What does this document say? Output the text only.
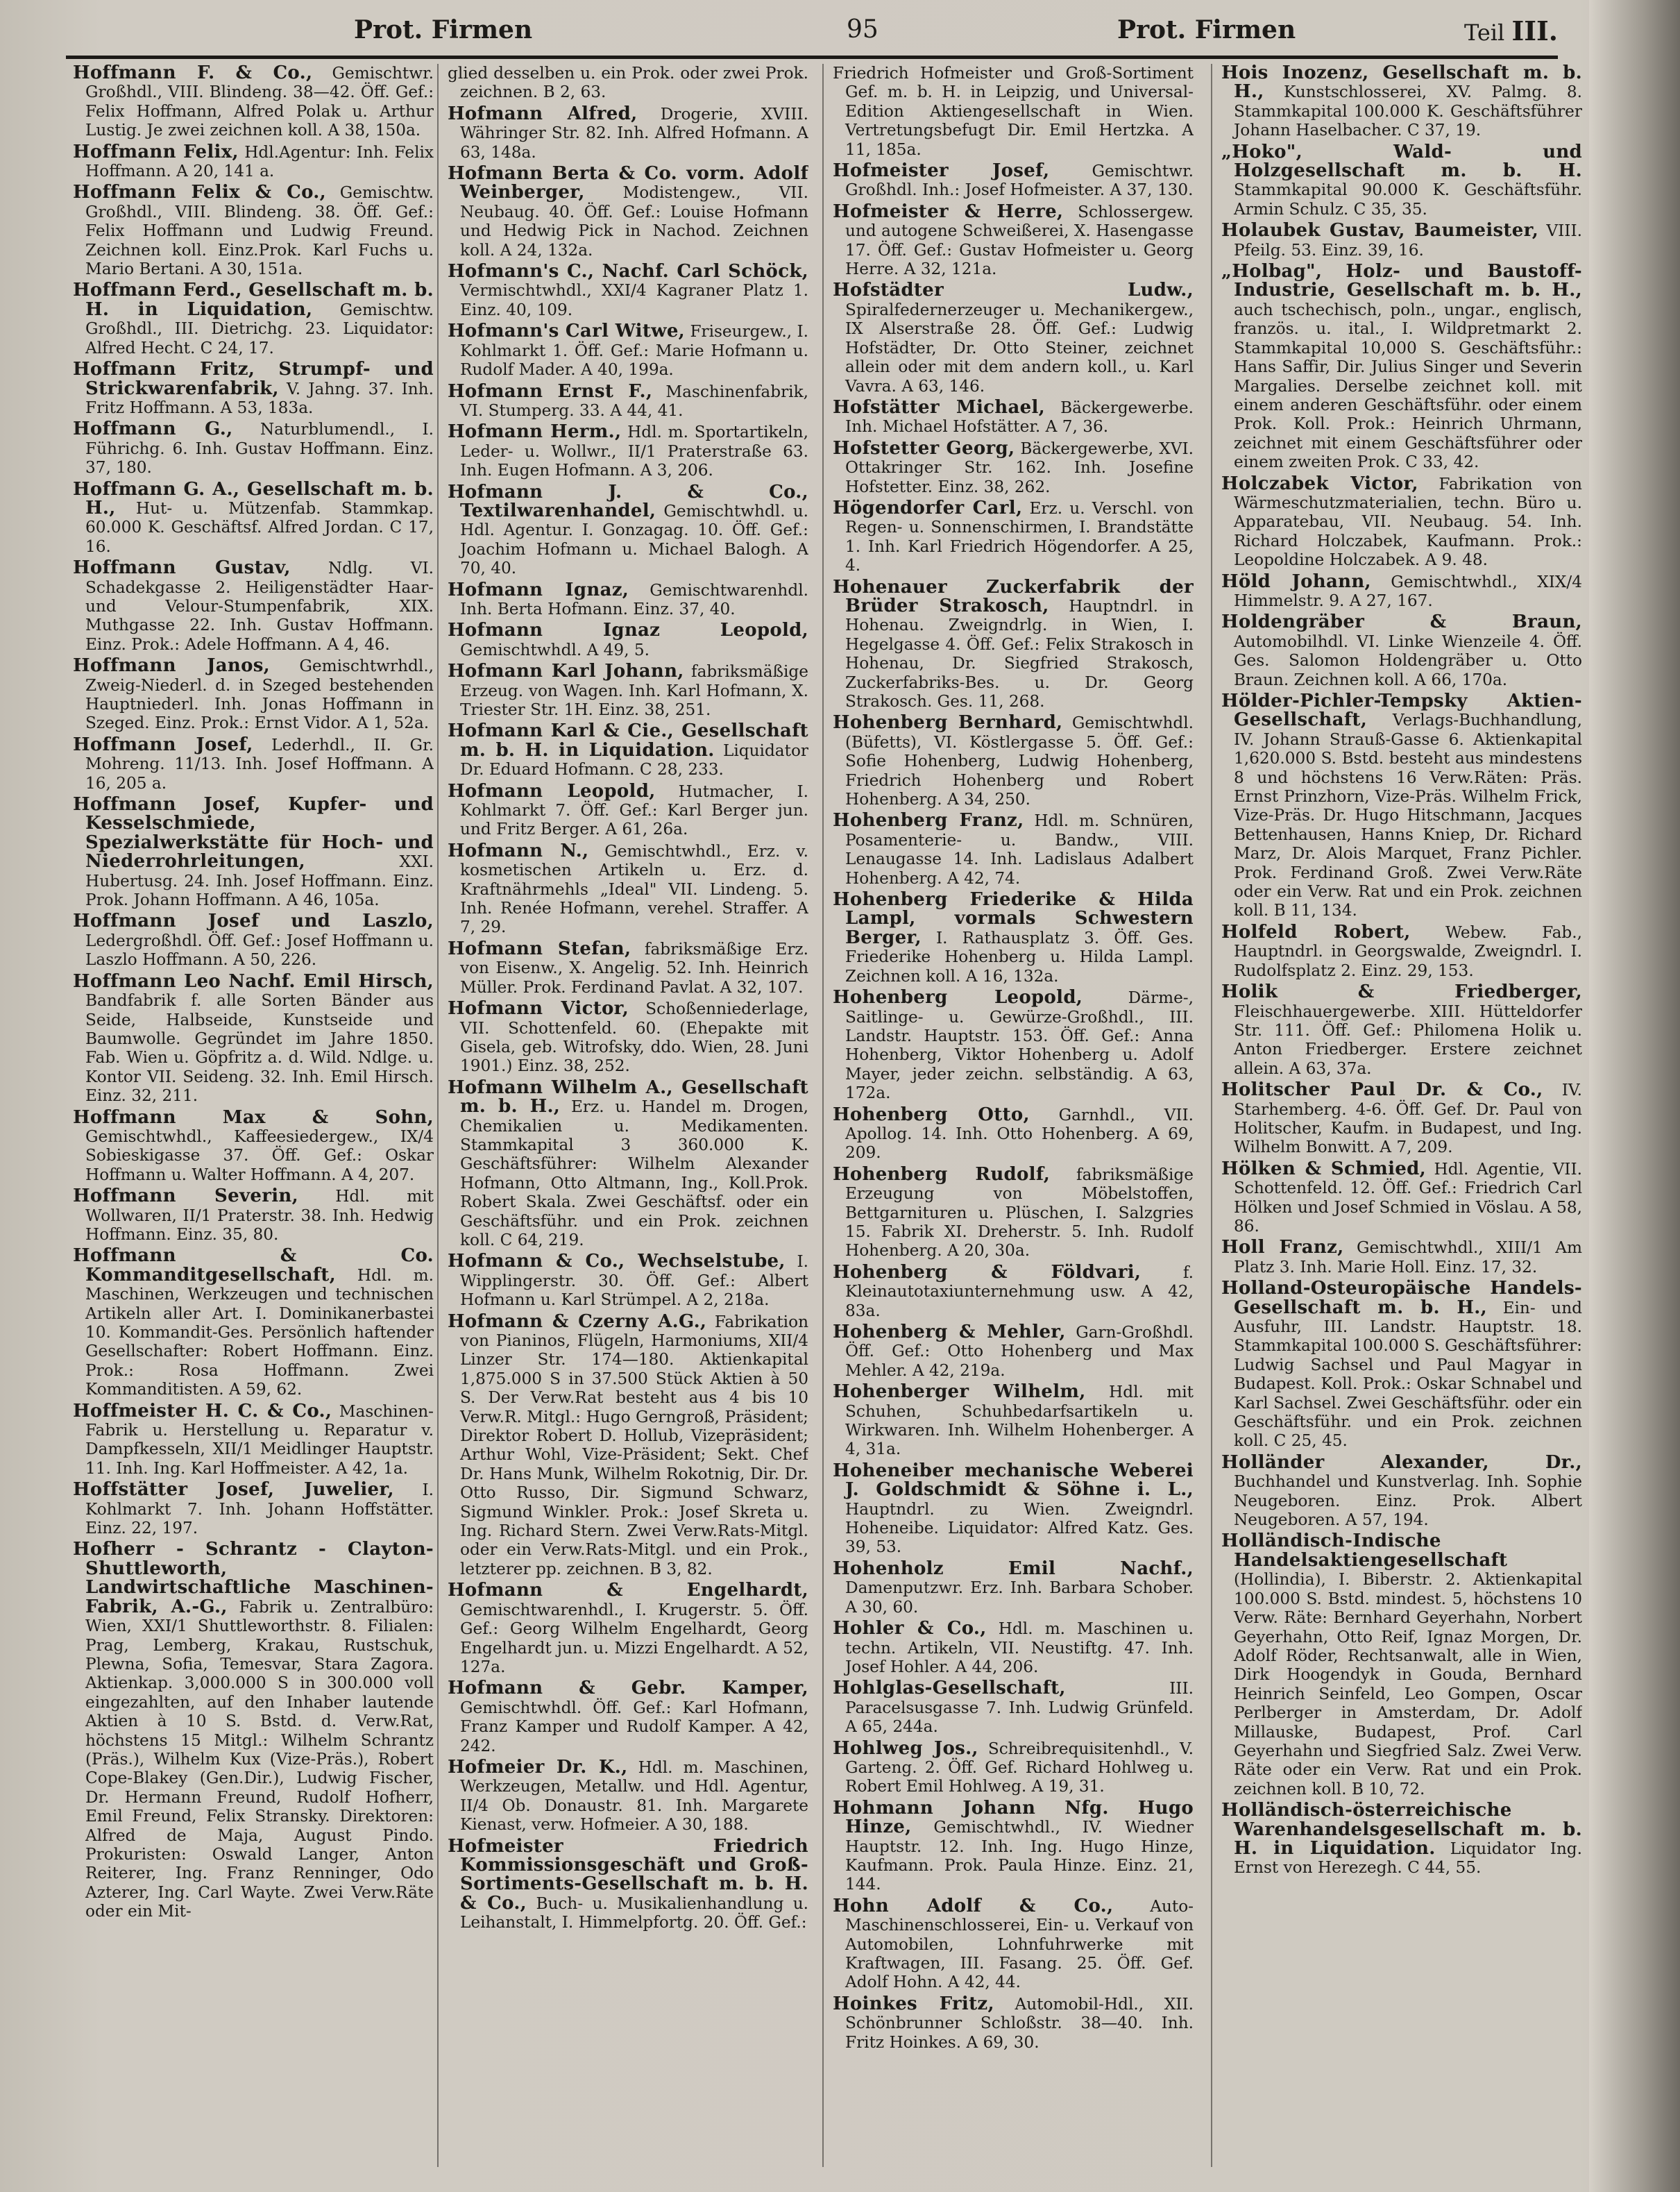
Prot. Firmen	95	Prot. Firmen	Teil III.

Hoffmann F. & Co., Gemischtwr. Großhdl., VIII. Blindeng. 38—42. Öff. Gef.: Felix Hoffmann, Alfred Polak u. Arthur Lustig. Je zwei zeichnen koll. A 38, 150a.

Hoffmann Felix, Hdl.Agentur: Inh. Felix Hoffmann. A 20, 141 a.

Hoffmann Felix & Co., Gemischtw. Großhdl., VIII. Blindeng. 38. Öff. Gef.: Felix Hoffmann und Ludwig Freund. Zeichnen koll. Einz.Prok. Karl Fuchs u. Mario Bertani. A 30, 151a.

Hoffmann Ferd., Gesellschaft m. b. H. in Liquidation, Gemischtw. Großhdl., III. Dietrichg. 23. Liquidator: Alfred Hecht. C 24, 17.

Hoffmann Fritz, Strumpf- und Strickwarenfabrik, V. Jahng. 37. Inh. Fritz Hoffmann. A 53, 183a.

Hoffmann G., Naturblumendl., I. Führichg. 6. Inh. Gustav Hoffmann. Einz. 37, 180.

Hoffmann G. A., Gesellschaft m. b. H., Hut- u. Mützenfab. Stammkap. 60.000 K. Geschäftsf. Alfred Jordan. C 17, 16.

Hoffmann Gustav, Ndlg. VI. Schadekgasse 2. Heiligenstädter Haar- und Velour-Stumpenfabrik, XIX. Muthgasse 22. Inh. Gustav Hoffmann. Einz. Prok.: Adele Hoffmann. A 4, 46.

Hoffmann Janos, Gemischtwrhdl., Zweig-Niederl. d. in Szeged bestehenden Hauptniederl. Inh. Jonas Hoffmann in Szeged. Einz. Prok.: Ernst Vidor. A 1, 52a.

Hoffmann Josef, Lederhdl., II. Gr. Mohreng. 11/13. Inh. Josef Hoffmann. A 16, 205 a.

Hoffmann Josef, Kupfer- und Kesselschmiede, Spezialwerkstätte für Hoch- und Niederrohrleitungen,	XXI. Hubertusg. 24. Inh. Josef Hoffmann. Einz. Prok. Johann Hoffmann. A 46, 105a.

Hoffmann Josef und Laszlo, Ledergroßhdl. Öff. Gef.: Josef Hoffmann u. Laszlo Hoffmann. A 50, 226.

Hoffmann Leo Nachf. Emil Hirsch, Bandfabrik f. alle Sorten Bänder aus Seide, Halbseide, Kunstseide und Baumwolle. Gegründet im Jahre 1850. Fab. Wien u. Göpfritz a. d. Wild. Ndlge. u. Kontor VII. Seideng. 32. Inh. Emil Hirsch. Einz. 32, 211.

Hoffmann Max & Sohn, Gemischtwhdl., Kaffeesiedergew., IX/4 Sobieskigasse 37. Öff. Gef.: Oskar Hoffmann u. Walter Hoffmann. A 4, 207.

Hoffmann Severin, Hdl. mit Wollwaren, II/1 Praterstr. 38. Inh. Hedwig Hoffmann. Einz. 35, 80.

Hoffmann & Co. Kommanditgesellschaft, Hdl. m. Maschinen, Werkzeugen und technischen Artikeln aller Art. I. Dominikanerbastei 10. Kommandit-Ges. Persönlich haftender Gesellschafter: Robert Hoffmann. Einz. Prok.: Rosa Hoffmann. Zwei Kommanditisten. A 59, 62.

Hoffmeister H. C. & Co., Maschinen-Fabrik u. Herstellung u. Reparatur v. Dampfkesseln, XII/1 Meidlinger Hauptstr. 11. Inh. Ing. Karl Hoffmeister. A 42, 1a.

Hoffstätter Josef, Juwelier, I. Kohlmarkt 7. Inh. Johann Hoffstätter. Einz. 22, 197.

Hofherr - Schrantz - Clayton-Shuttleworth, Landwirtschaftliche Maschinen-Fabrik, A.-G., Fabrik u. Zentralbüro: Wien, XXI/1 Shuttleworthstr. 8. Filialen: Prag, Lemberg, Krakau, Rustschuk, Plewna, Sofia, Temesvar, Stara Zagora. Aktienkap. 3,000.000 S in 300.000 voll eingezahlten, auf den Inhaber lautende Aktien à 10 S. Bstd. d. Verw.Rat, höchstens 15 Mitgl.: Wilhelm Schrantz (Präs.), Wilhelm Kux (Vize-Präs.), Robert Cope-Blakey (Gen.Dir.), Ludwig Fischer, Dr. Hermann Freund, Rudolf Hofherr, Emil Freund, Felix Stransky. Direktoren: Alfred de Maja, August Pindo. Prokuristen: Oswald Langer, Anton Reiterer, Ing. Franz Renninger, Odo Azterer, Ing. Carl Wayte. Zwei Verw.Räte oder ein Mit-

glied desselben u. ein Prok. oder zwei Prok. zeichnen. B 2, 63.

Hofmann Alfred, Drogerie, XVIII. Währinger Str. 82. Inh. Alfred Hofmann. A 63, 148a.

Hofmann Berta & Co. vorm. Adolf Weinberger, Modistengew., VII. Neubaug. 40. Öff. Gef.: Louise Hofmann und Hedwig Pick in Nachod. Zeichnen koll. A 24, 132a.

Hofmann's C., Nachf. Carl Schöck, Vermischtwhdl., XXI/4 Kagraner Platz 1. Einz. 40, 109.

Hofmann's Carl Witwe, Friseurgew., I. Kohlmarkt 1. Öff. Gef.: Marie Hofmann u. Rudolf Mader. A 40, 199a.

Hofmann Ernst F., Maschinenfabrik, VI. Stumperg. 33. A 44, 41.

Hofmann Herm., Hdl. m. Sportartikeln, Leder- u. Wollwr., II/1 Praterstraße 63. Inh. Eugen Hofmann. A 3, 206.

Hofmann J. & Co., Textilwarenhandel, Gemischtwhdl. u. Hdl. Agentur. I. Gonzagag. 10. Öff. Gef.: Joachim Hofmann u. Michael Balogh. A 70, 40.

Hofmann Ignaz, Gemischtwarenhdl. Inh. Berta Hofmann. Einz. 37, 40.

Hofmann Ignaz Leopold, Gemischtwhdl. A 49, 5.

Hofmann Karl Johann, fabriksmäßige Erzeug. von Wagen. Inh. Karl Hofmann, X. Triester Str. 1H. Einz. 38, 251.

Hofmann Karl & Cie., Gesellschaft m. b. H. in Liquidation. Liquidator Dr. Eduard Hofmann. C 28, 233.

Hofmann Leopold, Hutmacher, I. Kohlmarkt 7. Öff. Gef.: Karl Berger jun. und Fritz Berger. A 61, 26a.

Hofmann N., Gemischtwhdl., Erz. v. kosmetischen Artikeln u. Erz. d. Kraftnährmehls „Ideal" VII. Lindeng. 5. Inh. Renée Hofmann, verehel. Straffer. A 7, 29.

Hofmann Stefan, fabriksmäßige Erz. von Eisenw., X. Angelig. 52. Inh. Heinrich Müller. Prok. Ferdinand Pavlat. A 32, 107.

Hofmann Victor, Schoßenniederlage, VII. Schottenfeld. 60. (Ehepakte mit Gisela, geb. Witrofsky, ddo. Wien, 28. Juni 1901.) Einz. 38, 252.

Hofmann Wilhelm A., Gesellschaft m. b. H., Erz. u. Handel m. Drogen, Chemikalien u. Medikamenten. Stammkapital 3 360.000 K. Geschäftsführer: Wilhelm Alexander Hofmann, Otto Altmann, Ing., Koll.Prok. Robert Skala. Zwei Geschäftsf. oder ein Geschäftsführ. und ein Prok. zeichnen koll. C 64, 219.

Hofmann & Co., Wechselstube, I. Wipplingerstr. 30. Öff. Gef.: Albert Hofmann u. Karl Strümpel. A 2, 218a.

Hofmann & Czerny A.G., Fabrikation von Pianinos, Flügeln, Harmoniums, XII/4 Linzer Str. 174—180. Aktienkapital 1,875.000 S in 37.500 Stück Aktien à 50 S. Der Verw.Rat besteht aus 4 bis 10 Verw.R. Mitgl.: Hugo Gerngroß, Präsident; Direktor Robert D. Hollub, Vizepräsident; Arthur Wohl, Vize-Präsident; Sekt. Chef Dr. Hans Munk, Wilhelm Rokotnig, Dir. Dr. Otto Russo, Dir. Sigmund Schwarz, Sigmund Winkler. Prok.: Josef Skreta u. Ing. Richard Stern. Zwei Verw.Rats-Mitgl. oder ein Verw.Rats-Mitgl. und ein Prok., letzterer pp. zeichnen. B 3, 82.

Hofmann & Engelhardt, Gemischtwarenhdl., I. Krugerstr. 5. Öff. Gef.: Georg Wilhelm Engelhardt, Georg Engelhardt jun. u. Mizzi Engelhardt. A 52, 127a.

Hofmann & Gebr. Kamper, Gemischtwhdl. Öff. Gef.: Karl Hofmann, Franz Kamper und Rudolf Kamper. A 42, 242.

Hofmeier Dr. K., Hdl. m. Maschinen, Werkzeugen, Metallw. und Hdl. Agentur, II/4 Ob. Donaustr. 81. Inh. Margarete Kienast, verw. Hofmeier. A 30, 188.

Hofmeister Friedrich Kommissionsgeschäft und Groß-Sortiments-Gesellschaft m. b. H. & Co., Buch- u. Musikalienhandlung u. Leihanstalt, I. Himmelpfortg. 20. Öff. Gef.:

Friedrich Hofmeister und Groß-Sortiment Gef. m. b. H. in Leipzig, und Universal-Edition Aktiengesellschaft in Wien. Vertretungsbefugt Dir. Emil Hertzka. A 11, 185a.

Hofmeister Josef,	Gemischtwr. Großhdl. Inh.: Josef Hofmeister. A 37, 130.

Hofmeister & Herre, Schlossergew. und autogene Schweißerei, X. Hasengasse 17. Öff. Gef.: Gustav Hofmeister u. Georg Herre. A 32, 121a.

Hofstädter Ludw., Spiralfedernerzeuger u. Mechanikergew., IX Alserstraße 28. Öff. Gef.: Ludwig Hofstädter, Dr. Otto Steiner, zeichnet allein oder mit dem andern koll., u. Karl Vavra. A 63, 146.

Hofstätter Michael, Bäckergewerbe. Inh. Michael Hofstätter. A 7, 36.

Hofstetter Georg, Bäckergewerbe, XVI. Ottakringer Str. 162. Inh. Josefine Hofstetter. Einz. 38, 262.

Högendorfer Carl, Erz. u. Verschl. von Regen- u. Sonnenschirmen, I. Brandstätte 1. Inh. Karl Friedrich Högendorfer. A 25, 4.

Hohenauer Zuckerfabrik der Brüder Strakosch, Hauptndrl. in Hohenau. Zweigndrlg. in Wien, I. Hegelgasse 4. Öff. Gef.: Felix Strakosch in Hohenau, Dr. Siegfried Strakosch, Zuckerfabriks-Bes. u. Dr. Georg Strakosch. Ges. 11, 268.

Hohenberg Bernhard, Gemischtwhdl. (Büfetts), VI. Köstlergasse 5. Öff. Gef.: Sofie Hohenberg, Ludwig Hohenberg, Friedrich Hohenberg und Robert Hohenberg. A 34, 250.

Hohenberg Franz, Hdl. m. Schnüren, Posamenterie- u. Bandw., VIII. Lenaugasse 14. Inh. Ladislaus Adalbert Hohenberg. A 42, 74.

Hohenberg Friederike & Hilda Lampl, vormals Schwestern Berger, I. Rathausplatz 3. Öff. Ges. Friederike Hohenberg u. Hilda Lampl. Zeichnen koll. A 16, 132a.

Hohenberg Leopold,	Därme-, Saitlinge- u. Gewürze-Großhdl., III. Landstr. Hauptstr. 153. Öff. Gef.: Anna Hohenberg, Viktor Hohenberg u. Adolf Mayer, jeder zeichn. selbständig. A 63, 172a.

Hohenberg Otto, Garnhdl., VII. Apollog. 14. Inh. Otto Hohenberg. A 69, 209.

Hohenberg Rudolf, fabriksmäßige Erzeugung von Möbelstoffen, Bettgarnituren u. Plüschen, I. Salzgries 15. Fabrik XI. Dreherstr. 5. Inh. Rudolf Hohenberg. A 20, 30a.

Hohenberg & Földvari,	f. Kleinautotaxiunternehmung usw. A 42, 83a.

Hohenberg & Mehler, Garn-Großhdl. Öff. Gef.: Otto Hohenberg und Max Mehler. A 42, 219a.

Hohenberger Wilhelm, Hdl. mit Schuhen, Schuhbedarfsartikeln u. Wirkwaren. Inh. Wilhelm Hohenberger. A 4, 31a.

Hoheneiber mechanische Weberei J. Goldschmidt & Söhne i. L., Hauptndrl. zu Wien. Zweigndrl. Hoheneibe. Liquidator: Alfred Katz. Ges. 39, 53.

Hohenholz Emil Nachf., Damenputzwr. Erz. Inh. Barbara Schober. A 30, 60.

Hohler & Co., Hdl. m. Maschinen u. techn. Artikeln, VII. Neustiftg. 47. Inh. Josef Hohler. A 44, 206.

Hohlglas-Gesellschaft,	III. Paracelsusgasse 7. Inh. Ludwig Grünfeld. A 65, 244a.

Hohlweg Jos., Schreibrequisitenhdl., V. Garteng. 2. Öff. Gef. Richard Hohlweg u. Robert Emil Hohlweg. A 19, 31.

Hohmann Johann Nfg. Hugo Hinze, Gemischtwhdl., IV. Wiedner Hauptstr. 12. Inh. Ing. Hugo Hinze, Kaufmann. Prok. Paula Hinze. Einz. 21, 144.

Hohn Adolf & Co., Auto-Maschinenschlosserei, Ein- u. Verkauf von Automobilen, Lohnfuhrwerke mit Kraftwagen, III. Fasang. 25. Öff. Gef. Adolf Hohn. A 42, 44.

Hoinkes Fritz, Automobil-Hdl., XII. Schönbrunner Schloßstr. 38—40. Inh. Fritz Hoinkes. A 69, 30.

Hois Inozenz, Gesellschaft m. b. H., Kunstschlosserei, XV. Palmg. 8. Stammkapital 100.000 K. Geschäftsführer Johann Haselbacher. C 37, 19.

„Hoko", Wald- und Holzgesellschaft m. b. H. Stammkapital 90.000 K. Geschäftsführ. Armin Schulz. C 35, 35.

Holaubek Gustav, Baumeister, VIII. Pfeilg. 53. Einz. 39, 16.

„Holbag", Holz- und Baustoff-Industrie, Gesellschaft m. b. H., auch tschechisch, poln., ungar., englisch, französ. u. ital., I. Wildpretmarkt 2. Stammkapital 10,000 S. Geschäftsführ.: Hans Saffir, Dir. Julius Singer und Severin Margalies. Derselbe zeichnet koll. mit einem anderen Geschäftsführ. oder einem Prok. Koll. Prok.: Heinrich Uhrmann, zeichnet mit einem Geschäftsführer oder einem zweiten Prok. C 33, 42.

Holczabek Victor, Fabrikation von Wärmeschutzmaterialien, techn. Büro u. Apparatebau, VII. Neubaug. 54. Inh. Richard Holczabek, Kaufmann. Prok.: Leopoldine Holczabek. A 9. 48.

Höld Johann, Gemischtwhdl., XIX/4 Himmelstr. 9. A 27, 167.

Holdengräber & Braun, Automobilhdl. VI. Linke Wienzeile 4. Öff. Ges. Salomon Holdengräber u. Otto Braun. Zeichnen koll. A 66, 170a.

Hölder-Pichler-Tempsky Aktien-Gesellschaft, Verlags-Buchhandlung, IV. Johann Strauß-Gasse 6. Aktienkapital 1,620.000 S. Bstd. besteht aus mindestens 8 und höchstens 16 Verw.Räten: Präs. Ernst Prinzhorn, Vize-Präs. Wilhelm Frick, Vize-Präs. Dr. Hugo Hitschmann, Jacques Bettenhausen, Hanns Kniep, Dr. Richard Marz, Dr. Alois Marquet, Franz Pichler. Prok. Ferdinand Groß. Zwei Verw.Räte oder ein Verw. Rat und ein Prok. zeichnen koll. B 11, 134.

Holfeld Robert, Webew. Fab., Hauptndrl. in Georgswalde, Zweigndrl. I. Rudolfsplatz 2. Einz. 29, 153.

Holik & Friedberger, Fleischhauergewerbe. XIII. Hütteldorfer Str. 111. Öff. Gef.: Philomena Holik u. Anton Friedberger. Erstere zeichnet allein. A 63, 37a.

Holitscher Paul Dr. & Co., IV. Starhemberg. 4-6. Öff. Gef. Dr. Paul von Holitscher, Kaufm. in Budapest, und Ing. Wilhelm Bonwitt. A 7, 209.

Hölken & Schmied, Hdl. Agentie, VII. Schottenfeld. 12. Öff. Gef.: Friedrich Carl Hölken und Josef Schmied in Vöslau. A 58, 86.

Holl Franz, Gemischtwhdl., XIII/1 Am Platz 3. Inh. Marie Holl. Einz. 17, 32.

Holland-Osteuropäische Handels-Gesellschaft m. b. H., Ein- und Ausfuhr, III. Landstr. Hauptstr. 18. Stammkapital 100.000 S. Geschäftsführer: Ludwig Sachsel und Paul Magyar in Budapest. Koll. Prok.: Oskar Schnabel und Karl Sachsel. Zwei Geschäftsführ. oder ein Geschäftsführ. und ein Prok. zeichnen koll. C 25, 45.

Holländer Alexander, Dr., Buchhandel und Kunstverlag. Inh. Sophie Neugeboren. Einz. Prok. Albert Neugeboren. A 57, 194.

Holländisch-Indische Handelsaktiengesellschaft (Hollindia), I. Biberstr. 2. Aktienkapital 100.000 S. Bstd. mindest. 5, höchstens 10 Verw. Räte: Bernhard Geyerhahn, Norbert Geyerhahn, Otto Reif, Ignaz Morgen, Dr. Adolf Röder, Rechtsanwalt, alle in Wien, Dirk Hoogendyk in Gouda, Bernhard Heinrich Seinfeld, Leo Gompen, Oscar Perlberger in Amsterdam, Dr. Adolf Millauske, Budapest, Prof. Carl Geyerhahn und Siegfried Salz. Zwei Verw. Räte oder ein Verw. Rat und ein Prok. zeichnen koll. B 10, 72.

Holländisch-österreichische Warenhandelsgesellschaft m. b. H. in Liquidation. Liquidator Ing. Ernst von Herezegh. C 44, 55.
